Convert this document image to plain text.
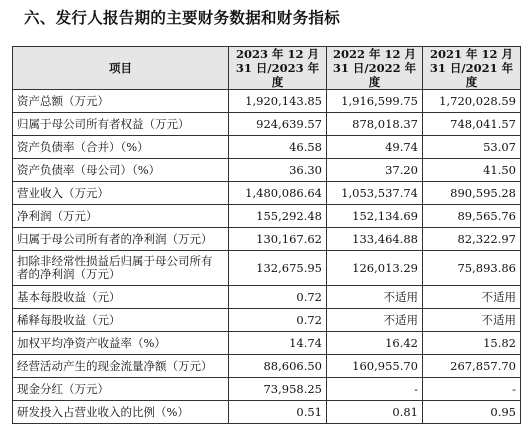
六、发行人报告期的主要财务数据和财务指标
项目	2023 年 12 月 31 日/2023 年度	2022 年 12 月 31 日/2022 年度	2021 年 12 月 31 日/2021 年度
资产总额（万元）	1,920,143.85	1,916,599.75	1,720,028.59
归属于母公司所有者权益（万元）	924,639.57	878,018.37	748,041.57
资产负债率（合并）（%）	46.58	49.74	53.07
资产负债率（母公司）（%）	36.30	37.20	41.50
营业收入（万元）	1,480,086.64	1,053,537.74	890,595.28
净利润（万元）	155,292.48	152,134.69	89,565.76
归属于母公司所有者的净利润（万元）	130,167.62	133,464.88	82,322.97
扣除非经常性损益后归属于母公司所有者的净利润（万元）	132,675.95	126,013.29	75,893.86
基本每股收益（元）	0.72	不适用	不适用
稀释每股收益（元）	0.72	不适用	不适用
加权平均净资产收益率（%）	14.74	16.42	15.82
经营活动产生的现金流量净额（万元）	88,606.50	160,955.70	267,857.70
现金分红（万元）	73,958.25	-	-
研发投入占营业收入的比例（%）	0.51	0.81	0.95
